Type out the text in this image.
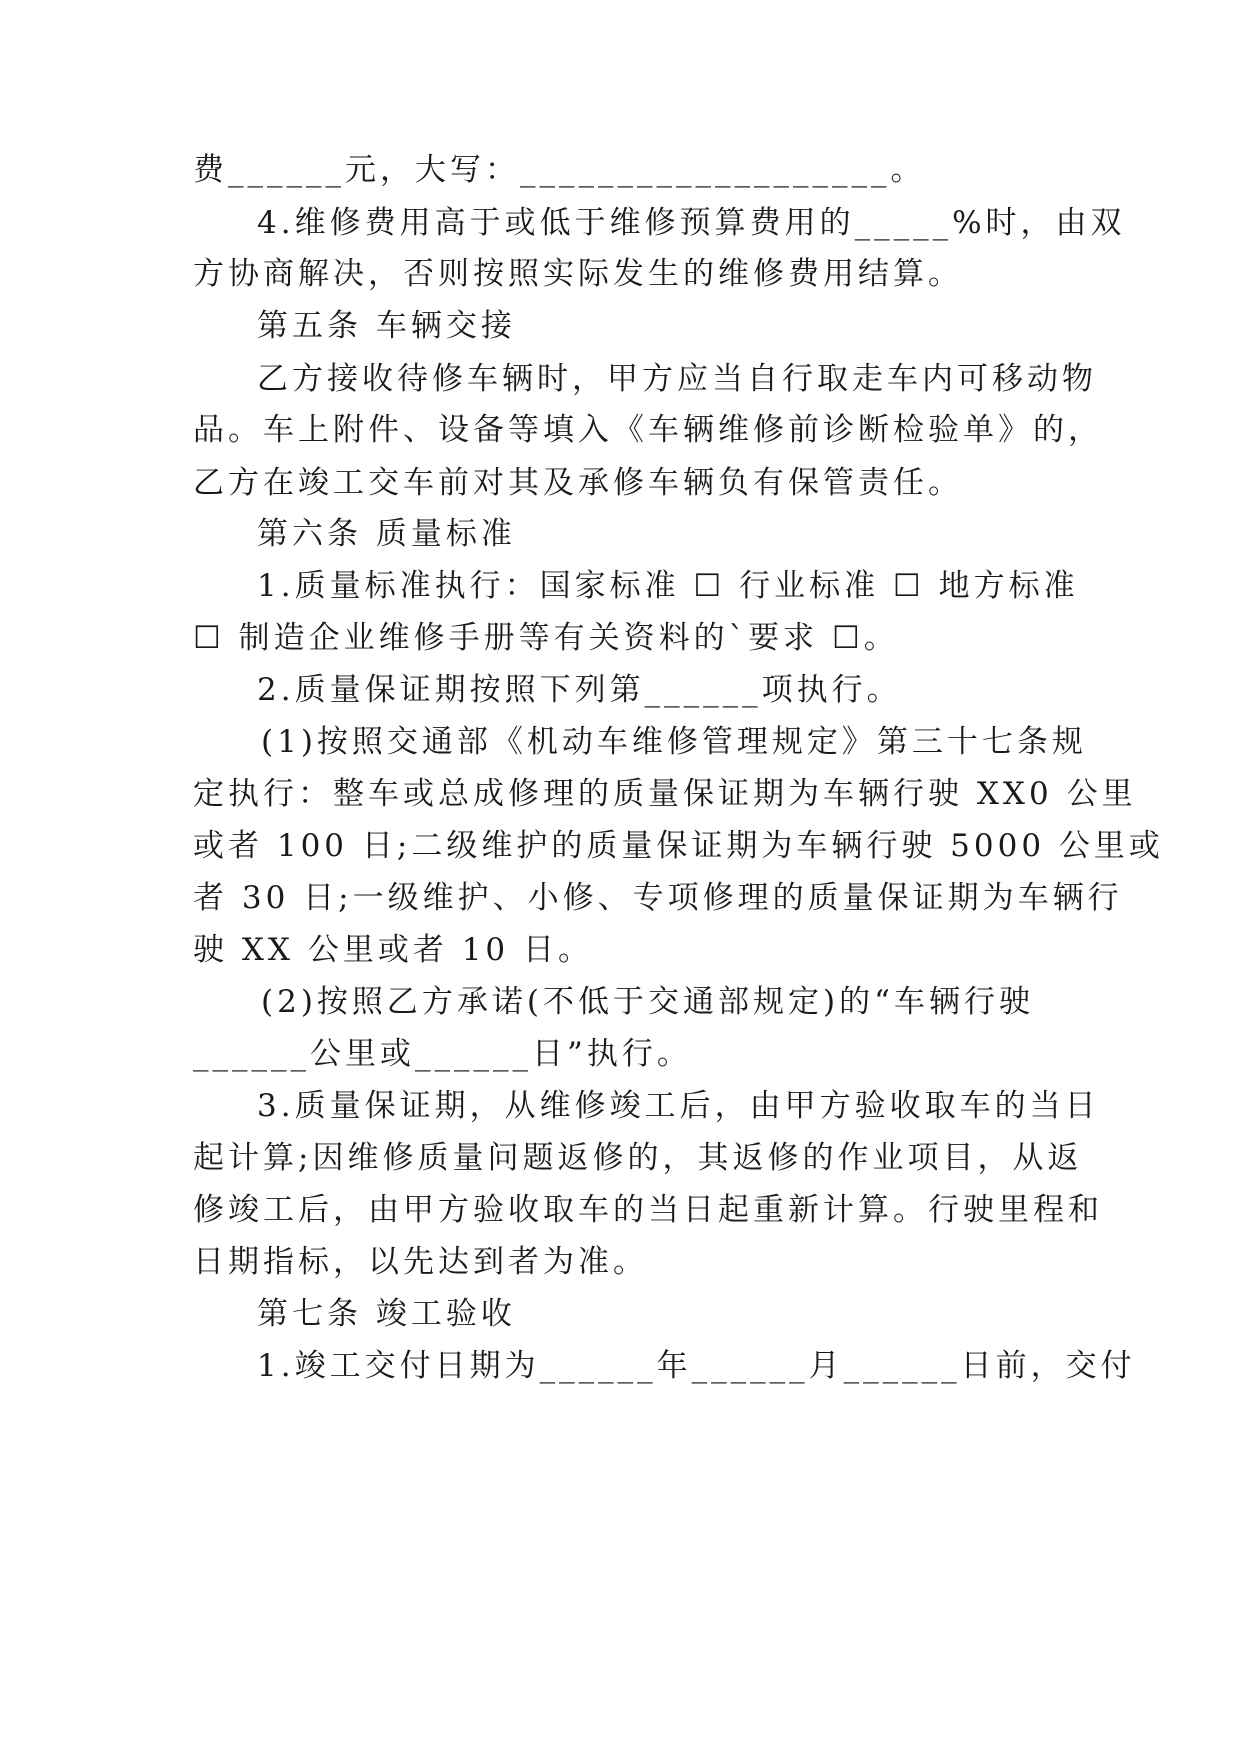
费______元，大写：___________________。
4.维修费用高于或低于维修预算费用的_____%时，由双
方协商解决，否则按照实际发生的维修费用结算。
第五条 车辆交接
乙方接收待修车辆时，甲方应当自行取走车内可移动物
品。车上附件、设备等填入《车辆维修前诊断检验单》的，
乙方在竣工交车前对其及承修车辆负有保管责任。
第六条 质量标准
1.质量标准执行：国家标准 ☐ 行业标准 ☐ 地方标准
☐ 制造企业维修手册等有关资料的`要求 ☐。
2.质量保证期按照下列第______项执行。
(1)按照交通部《机动车维修管理规定》第三十七条规
定执行：整车或总成修理的质量保证期为车辆行驶 XX0 公里
或者 100 日;二级维护的质量保证期为车辆行驶 5000 公里或
者 30 日;一级维护、小修、专项修理的质量保证期为车辆行
驶 XX 公里或者 10 日。
(2)按照乙方承诺(不低于交通部规定)的“车辆行驶
______公里或______日”执行。
3.质量保证期，从维修竣工后，由甲方验收取车的当日
起计算;因维修质量问题返修的，其返修的作业项目，从返
修竣工后，由甲方验收取车的当日起重新计算。行驶里程和
日期指标，以先达到者为准。
第七条 竣工验收
1.竣工交付日期为______年______月______日前，交付
